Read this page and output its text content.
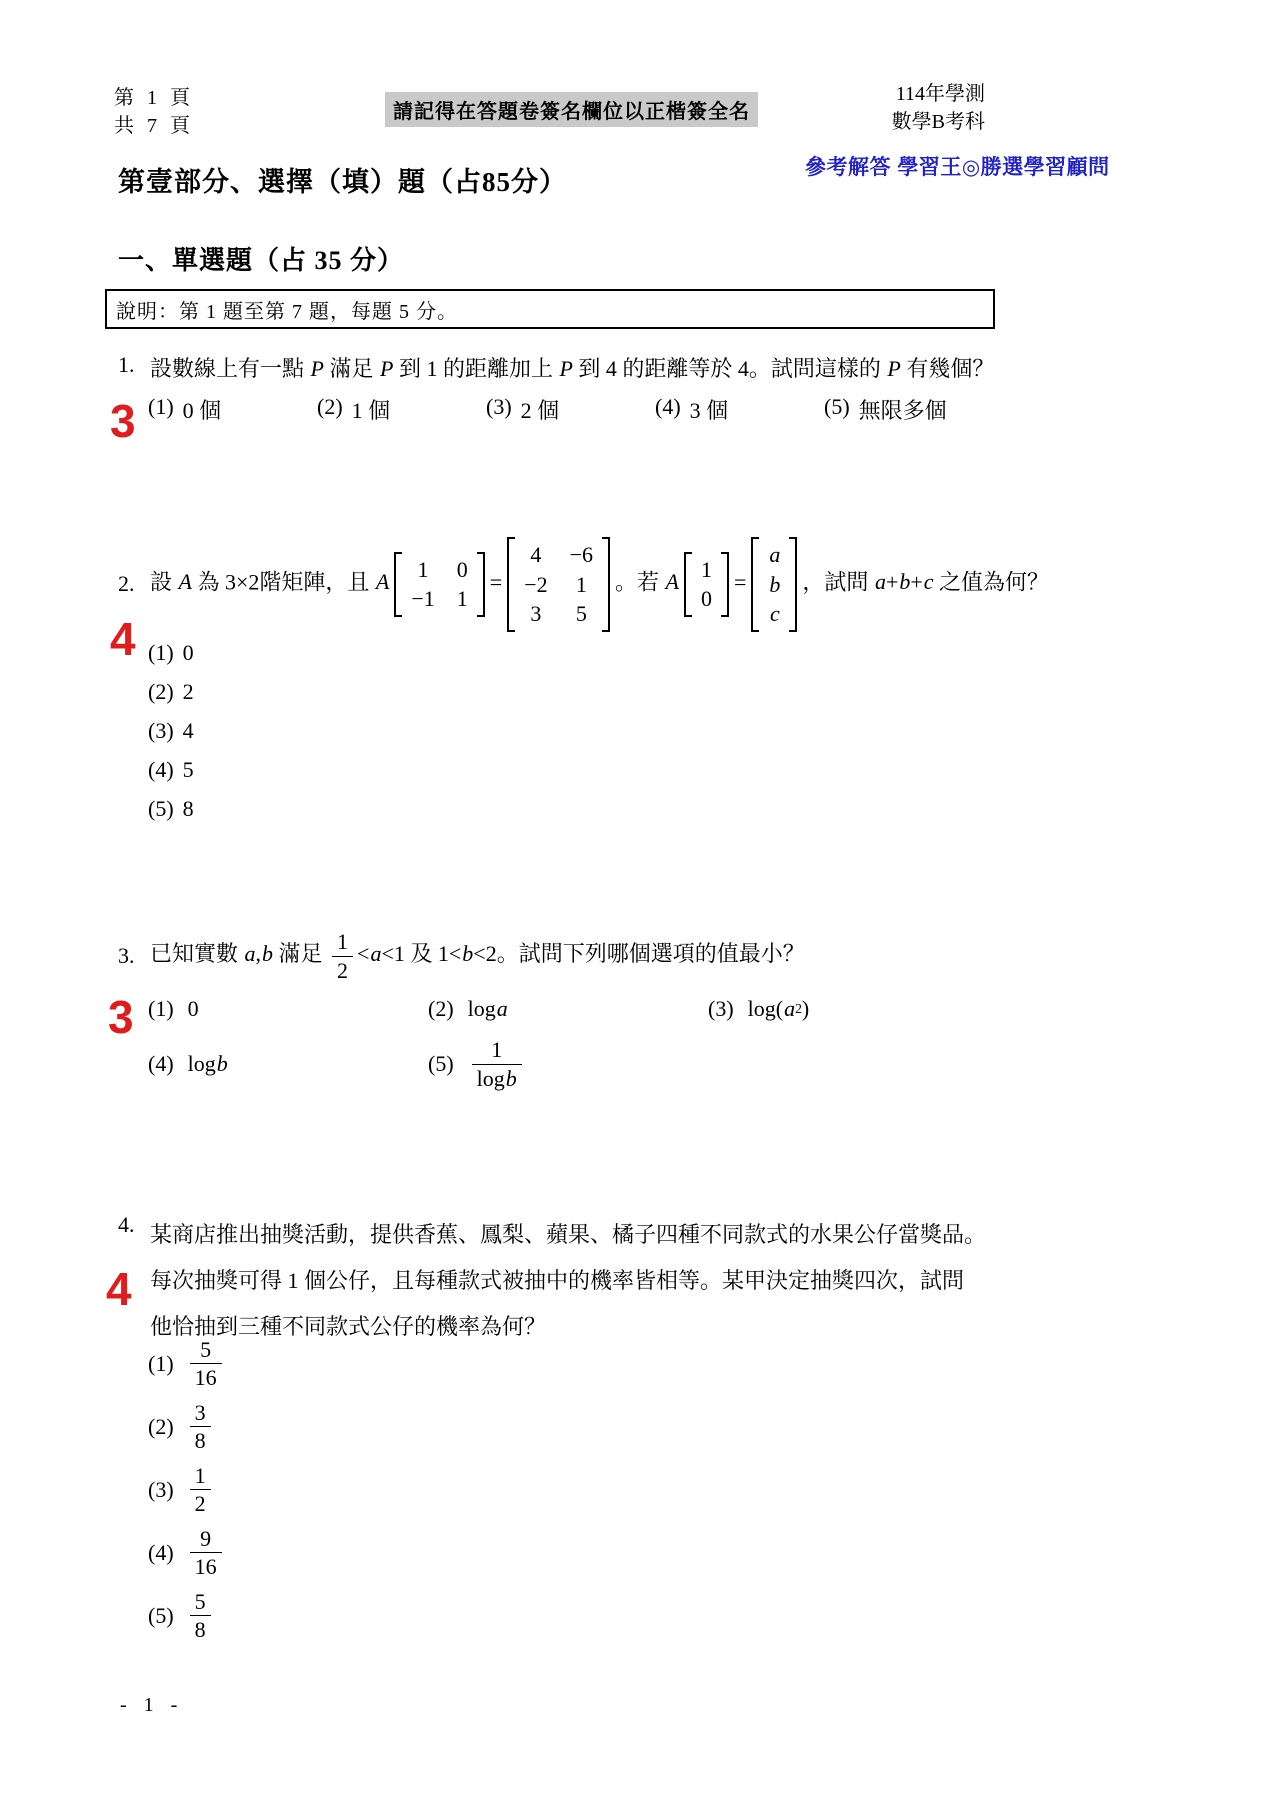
第 1 頁
共 7 頁
請記得在答題卷簽名欄位以正楷簽全名
114年學測
數學B考科
參考解答 學習王◎勝選學習顧問
第壹部分、選擇（填）題（占85分）
一、單選題（占 35 分）
說明：第 1 題至第 7 題，每題 5 分。
1. 設數線上有一點 P 滿足 P 到 1 的距離加上 P 到 4 的距離等於 4。試問這樣的 P 有幾個？
3 (1) 0 個	(2) 1 個	(3) 2 個	(4) 3 個	(5) 無限多個
2. 設 A 為 3×2階矩陣，且 A
1 0
−1 1
=
4 −6
−2 1
3 5
。若 A
1
0
=
a
b
c
，試問 a+b+c 之值為何？
4 (1) 0
(2) 2
(3) 4
(4) 5
(5) 8
3. 已知實數 a,b 滿足 $\frac{1}{2} <a<1$ 及 1<b<2。試問下列哪個選項的值最小？
3 (1) 0	(2) log a	(3) log( a 2 )
(4) log b	$(5) \frac{1}{\text{log b}}$
4. 某商店推出抽獎活動，提供香蕉、鳳梨、蘋果、橘子四種不同款式的水果公仔當獎品。
每次抽獎可得 1 個公仔，且每種款式被抽中的機率皆相等。某甲決定抽獎四次，試問
他恰抽到三種不同款式公仔的機率為何？
4
$(1) \frac{5}{16}$
$(2) \frac{3}{8}$
$(3) \frac{1}{2}$
$(4) \frac{9}{16}$
$(5) \frac{5}{8}$
- 1 -
